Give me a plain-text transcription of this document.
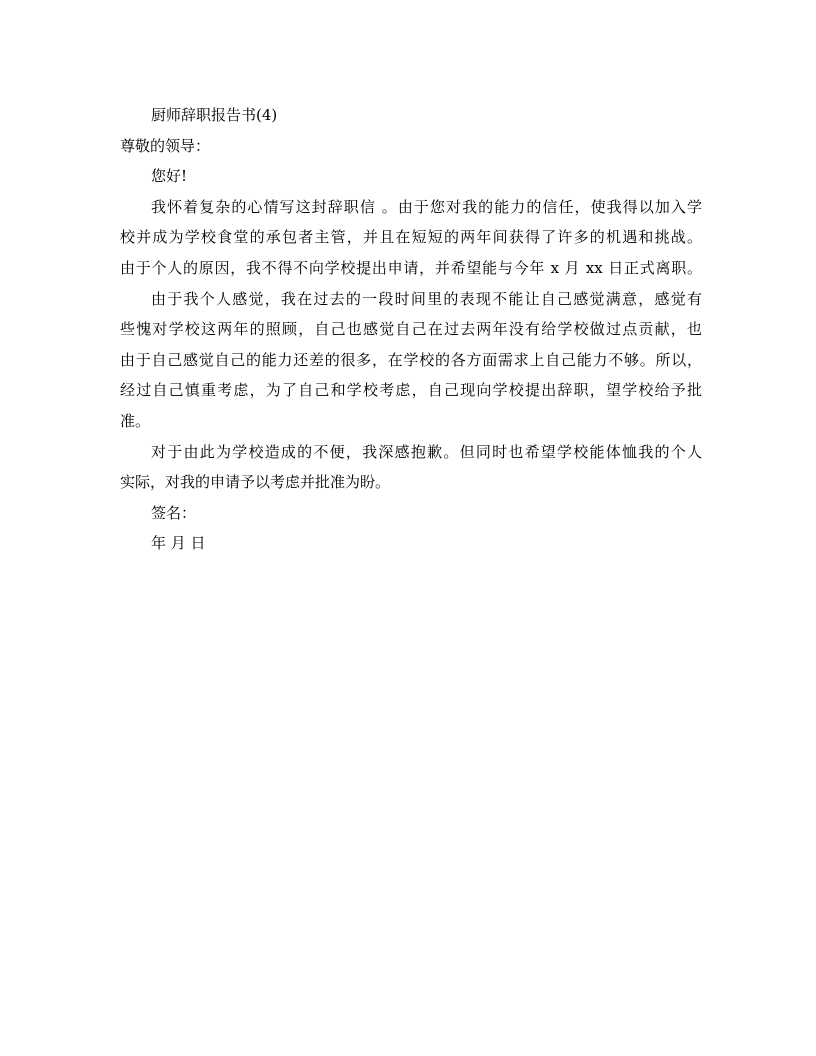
厨师辞职报告书(4)
尊敬的领导：
您好!
我怀着复杂的心情写这封辞职信 。由于您对我的能力的信任，使我得以加入学
校并成为学校食堂的承包者主管，并且在短短的两年间获得了许多的机遇和挑战。
由于个人的原因，我不得不向学校提出申请，并希望能与今年 x 月 xx 日正式离职。
由于我个人感觉，我在过去的一段时间里的表现不能让自己感觉满意，感觉有
些愧对学校这两年的照顾，自己也感觉自己在过去两年没有给学校做过点贡献，也
由于自己感觉自己的能力还差的很多，在学校的各方面需求上自己能力不够。所以，
经过自己慎重考虑，为了自己和学校考虑，自己现向学校提出辞职，望学校给予批
准。
对于由此为学校造成的不便，我深感抱歉。但同时也希望学校能体恤我的个人
实际，对我的申请予以考虑并批准为盼。
签名：
年 月 日
